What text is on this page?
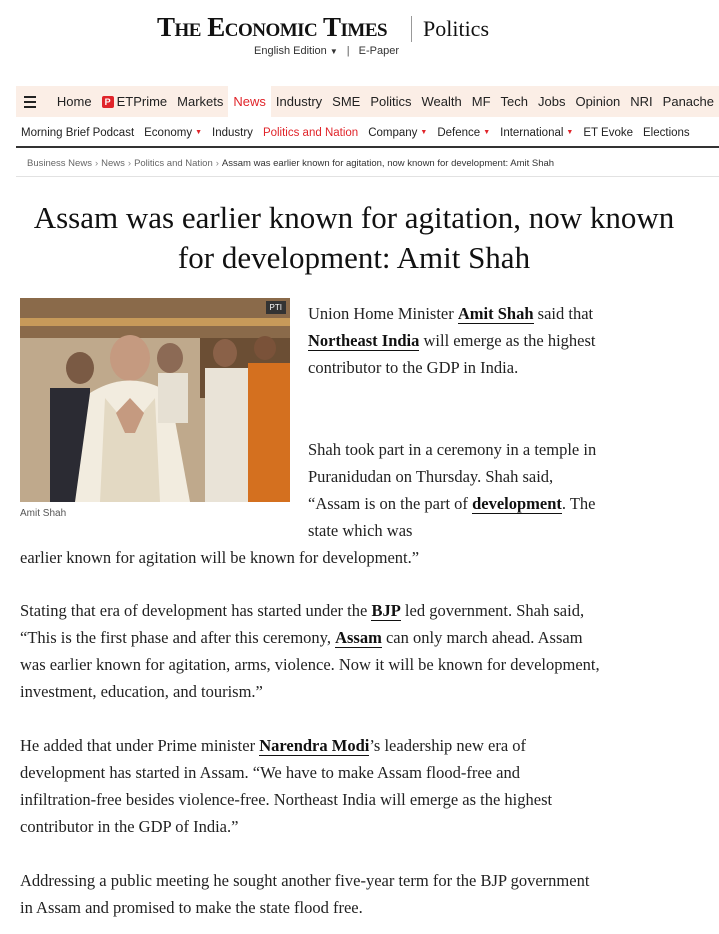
The Economic Times Politics
English Edition ▼ | E-Paper
Home	P ETPrime Markets News Industry SME Politics Wealth MF Tech Jobs Opinion NRI Panache
Morning Brief Podcast Economy ▼ Industry Politics and Nation Company ▼ Defence ▼ International ▼ ET Evoke Elections
Business News › News › Politics and Nation › Assam was earlier known for agitation, now known for development: Amit Shah
Assam was earlier known for agitation, now known for development: Amit Shah
PTI
Amit Shah

Union Home Minister Amit Shah said that Northeast India will emerge as the highest contributor to the GDP in India.

Shah took part in a ceremony in a temple in Puranidudan on Thursday. Shah said, “Assam is on the part of development. The state which was

earlier known for agitation will be known for development.”

Stating that era of development has started under the BJP led government. Shah said, “This is the first phase and after this ceremony, Assam can only march ahead. Assam was earlier known for agitation, arms, violence. Now it will be known for development, investment, education, and tourism.”

He added that under Prime minister Narendra Modi’s leadership new era of development has started in Assam. “We have to make Assam flood-free and infiltration-free besides violence-free. Northeast India will emerge as the highest contributor in the GDP of India.”

Addressing a public meeting he sought another five-year term for the BJP government in Assam and promised to make the state flood free.
